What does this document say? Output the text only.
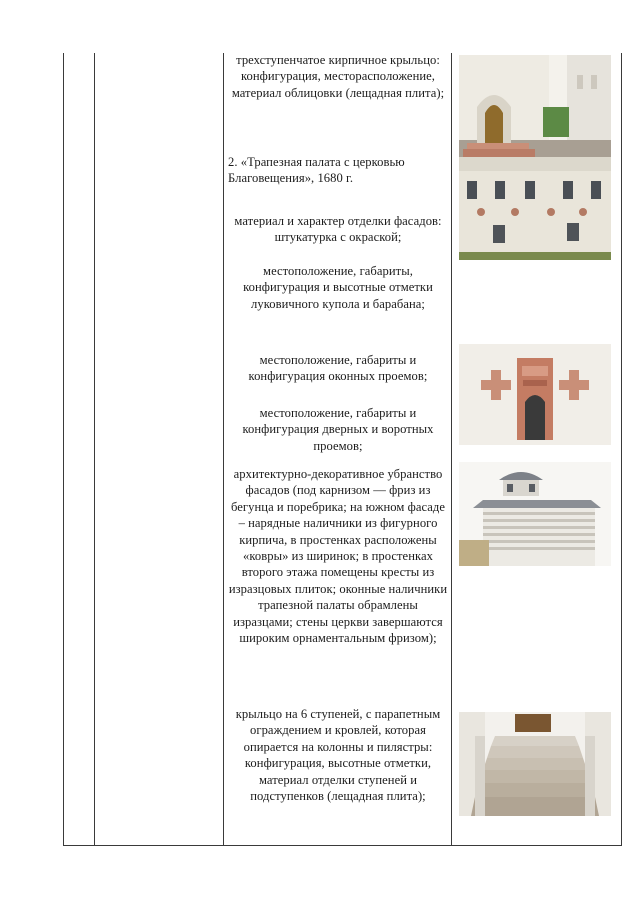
трехступенчатое кирпичное крыльцо: конфигурация, месторасположение, материал облицовки (лещадная плита);
2. «Трапезная палата с церковью Благовещения», 1680 г.
материал и характер отделки фасадов: штукатурка с окраской;
местоположение, габариты, конфигурация и высотные отметки луковичного купола и барабана;
местоположение, габариты и конфигурация оконных проемов;
местоположение, габариты и конфигурация дверных и воротных проемов;
архитектурно-декоративное убранство фасадов (под карнизом — фриз из бегунца и поребрика; на южном фасаде – нарядные наличники из фигурного кирпича, в простенках расположены «ковры» из ширинок; в простенках второго этажа помещены кресты из изразцовых плиток; оконные наличники трапезной палаты обрамлены изразцами; стены церкви завершаются широким орнаментальным фризом);
крыльцо на 6 ступеней, с парапетным ограждением и кровлей, которая опирается на колонны и пилястры: конфигурация, высотные отметки, материал отделки ступеней и подступенков (лещадная плита);
